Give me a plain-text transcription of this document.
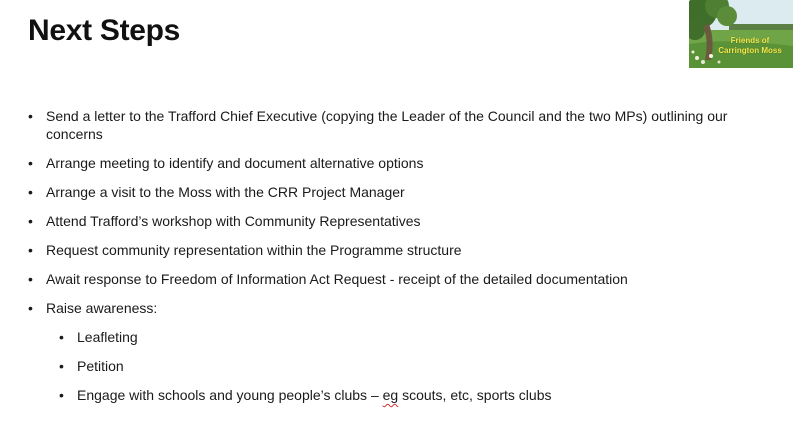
Next Steps	Friends of
Carrington Moss
• Send a letter to the Trafford Chief Executive (copying the Leader of the Council and the two MPs) outlining our concerns
• Arrange meeting to identify and document alternative options
• Arrange a visit to the Moss with the CRR Project Manager
• Attend Trafford’s workshop with Community Representatives
• Request community representation within the Programme structure
• Await response to Freedom of Information Act Request - receipt of the detailed documentation
• Raise awareness:
• Leafleting
• Petition
• Engage with schools and young people’s clubs – eg scouts, etc, sports clubs
